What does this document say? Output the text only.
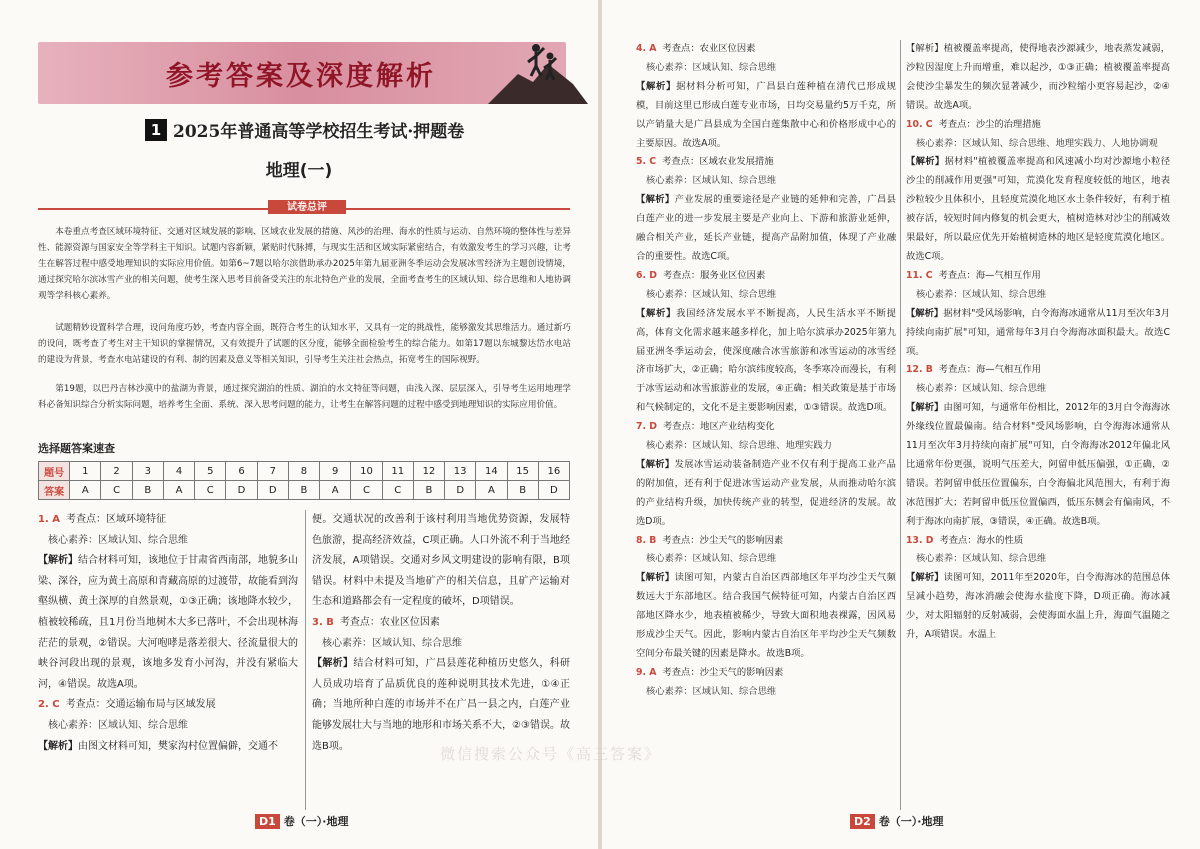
参考答案及深度解析
1 2025年普通高等学校招生考试·押题卷
地理(一)
试卷总评

本卷重点考查区域环境特征、交通对区域发展的影响、区域农业发展的措施、风沙的治理、海水的性质与运动、自然环境的整体性与差异性、能源资源与国家安全等学科主干知识。试题内容新颖，紧贴时代脉搏，与现实生活和区域实际紧密结合，有效激发考生的学习兴趣，让考生在解答过程中感受地理知识的实际应用价值。如第6~7题以哈尔滨借助承办2025年第九届亚洲冬季运动会发展冰雪经济为主题创设情境，通过探究哈尔滨冰雪产业的相关问题，使考生深入思考目前备受关注的东北特色产业的发展，全面考查考生的区域认知、综合思维和人地协调观等学科核心素养。

试题精妙设置科学合理，设问角度巧妙，考查内容全面，既符合考生的认知水平，又具有一定的挑战性，能够激发其思维活力。通过新巧的设问，既考查了考生对主干知识的掌握情况，又有效提升了试题的区分度，能够全面检验考生的综合能力。如第17题以东城黎达岱水电站的建设为背景，考查水电站建设的有利、制约因素及意义等相关知识，引导考生关注社会热点，拓宽考生的国际视野。

第19题，以巴丹吉林沙漠中的盐湖为背景，通过探究湖泊的性质、湖泊的水文特征等问题，由浅入深、层层深入，引导考生运用地理学科必备知识综合分析实际问题，培养考生全面、系统、深入思考问题的能力，让考生在解答问题的过程中感受到地理知识的实际应用价值。

选择题答案速查
题号	1	2	3	4	5	6	7	8	9	10	11	12	13	14	15	16
答案	A	C	B	A	C	D	D	B	A	C	C	B	D	A	B	D
1. A 考查点：区域环境特征
核心素养：区域认知、综合思维
【解析】结合材料可知，该地位于甘肃省西南部，地貌多山梁、深谷，应为黄土高原和青藏高原的过渡带，故能看到沟壑纵横、黄土深厚的自然景观，①③正确；该地降水较少，植被较稀疏，且1月份当地树木大多已落叶，不会出现林海茫茫的景观，②错误。大河咆哮是落差很大、径流量很大的峡谷河段出现的景观，该地多发育小河沟，并没有紧临大河，④错误。故选A项。
2. C 考查点：交通运输布局与区域发展
核心素养：区域认知、综合思维
【解析】由图文材料可知，樊家沟村位置偏僻，交通不
便。交通状况的改善利于该村利用当地优势资源，发展特色旅游，提高经济效益，C项正确。人口外流不利于当地经济发展，A项错误。交通对乡风文明建设的影响有限，B项错误。材料中未提及当地矿产的相关信息，且矿产运输对生态和道路都会有一定程度的破坏，D项错误。
3. B 考查点：农业区位因素
核心素养：区域认知、综合思维
【解析】结合材料可知，广昌县莲花种植历史悠久，科研人员成功培育了品质优良的莲种说明其技术先进，①④正确；当地所种白莲的市场并不在广昌一县之内，白莲产业能够发展壮大与当地的地形和市场关系不大，②③错误。故选B项。
D1 卷（一）·地理
4. A 考查点：农业区位因素
核心素养：区域认知、综合思维
【解析】据材料分析可知，广昌县白莲种植在清代已形成规模，目前这里已形成白莲专业市场，日均交易量约5万千克，所以产销量大是广昌县成为全国白莲集散中心和价格形成中心的主要原因。故选A项。
5. C 考查点：区域农业发展措施
核心素养：区域认知、综合思维
【解析】产业发展的重要途径是产业链的延伸和完善，广昌县白莲产业的进一步发展主要是产业向上、下游和旅游业延伸，融合相关产业，延长产业链，提高产品附加值，体现了产业融合的重要性。故选C项。
6. D 考查点：服务业区位因素
核心素养：区域认知、综合思维
【解析】我国经济发展水平不断提高，人民生活水平不断提高，体育文化需求越来越多样化，加上哈尔滨承办2025年第九届亚洲冬季运动会，使深度融合冰雪旅游和冰雪运动的冰雪经济市场扩大，②正确；哈尔滨纬度较高，冬季寒冷而漫长，有利于冰雪运动和冰雪旅游业的发展，④正确；相关政策是基于市场和气候制定的，文化不是主要影响因素，①③错误。故选D项。
7. D 考查点：地区产业结构变化
核心素养：区域认知、综合思维、地理实践力
【解析】发展冰雪运动装备制造产业不仅有利于提高工业产品的附加值，还有利于促进冰雪运动产业发展，从而推动哈尔滨的产业结构升级，加快传统产业的转型，促进经济的发展。故选D项。
8. B 考查点：沙尘天气的影响因素
核心素养：区域认知、综合思维
【解析】读图可知，内蒙古自治区西部地区年平均沙尘天气频数远大于东部地区。结合我国气候特征可知，内蒙古自治区西部地区降水少，地表植被稀少，导致大面积地表裸露，因风易形成沙尘天气。因此，影响内蒙古自治区年平均沙尘天气频数空间分布最关键的因素是降水。故选B项。
9. A 考查点：沙尘天气的影响因素
核心素养：区域认知、综合思维
【解析】植被覆盖率提高，使得地表沙源减少，地表蒸发减弱，沙粒因湿度上升而增重，难以起沙，①③正确；植被覆盖率提高会使沙尘暴发生的频次显著减少，而沙粒缩小更容易起沙，②④错误。故选A项。
10. C 考查点：沙尘的治理措施
核心素养：区域认知、综合思维、地理实践力、人地协调观
【解析】据材料"植被覆盖率提高和风速减小均对沙源地小粒径沙尘的削减作用更强"可知，荒漠化发育程度较低的地区，地表沙粒较少且体积小，且轻度荒漠化地区水土条件较好，有利于植被存活，较短时间内修复的机会更大，植树造林对沙尘的削减效果最好，所以最应优先开始植树造林的地区是轻度荒漠化地区。故选C项。
11. C 考查点：海—气相互作用
核心素养：区域认知、综合思维
【解析】据材料"受风场影响，白令海海冰通常从11月至次年3月持续向南扩展"可知，通常每年3月白令海海冰面积最大。故选C项。
12. B 考查点：海—气相互作用
核心素养：区域认知、综合思维
【解析】由图可知，与通常年份相比，2012年的3月白令海海冰外缘线位置最偏南。结合材料"受风场影响，白令海海冰通常从11月至次年3月持续向南扩展"可知，白令海海冰2012年偏北风比通常年份更强，说明气压差大，阿留申低压偏强，①正确，②错误。若阿留申低压位置偏东，白令海偏北风范围大，有利于海冰范围扩大；若阿留申低压位置偏西，低压东侧会有偏南风，不利于海冰向南扩展，③错误，④正确。故选B项。
13. D 考查点：海水的性质
核心素养：区域认知、综合思维
【解析】读图可知，2011年至2020年，白令海海冰的范围总体呈减小趋势，海冰消融会使海水盐度下降，D项正确。海冰减少，对太阳辐射的反射减弱，会使海面水温上升，海面气温随之升，A项错误。水温上
D2 卷（一）·地理
微信搜索公众号《高三答案》
